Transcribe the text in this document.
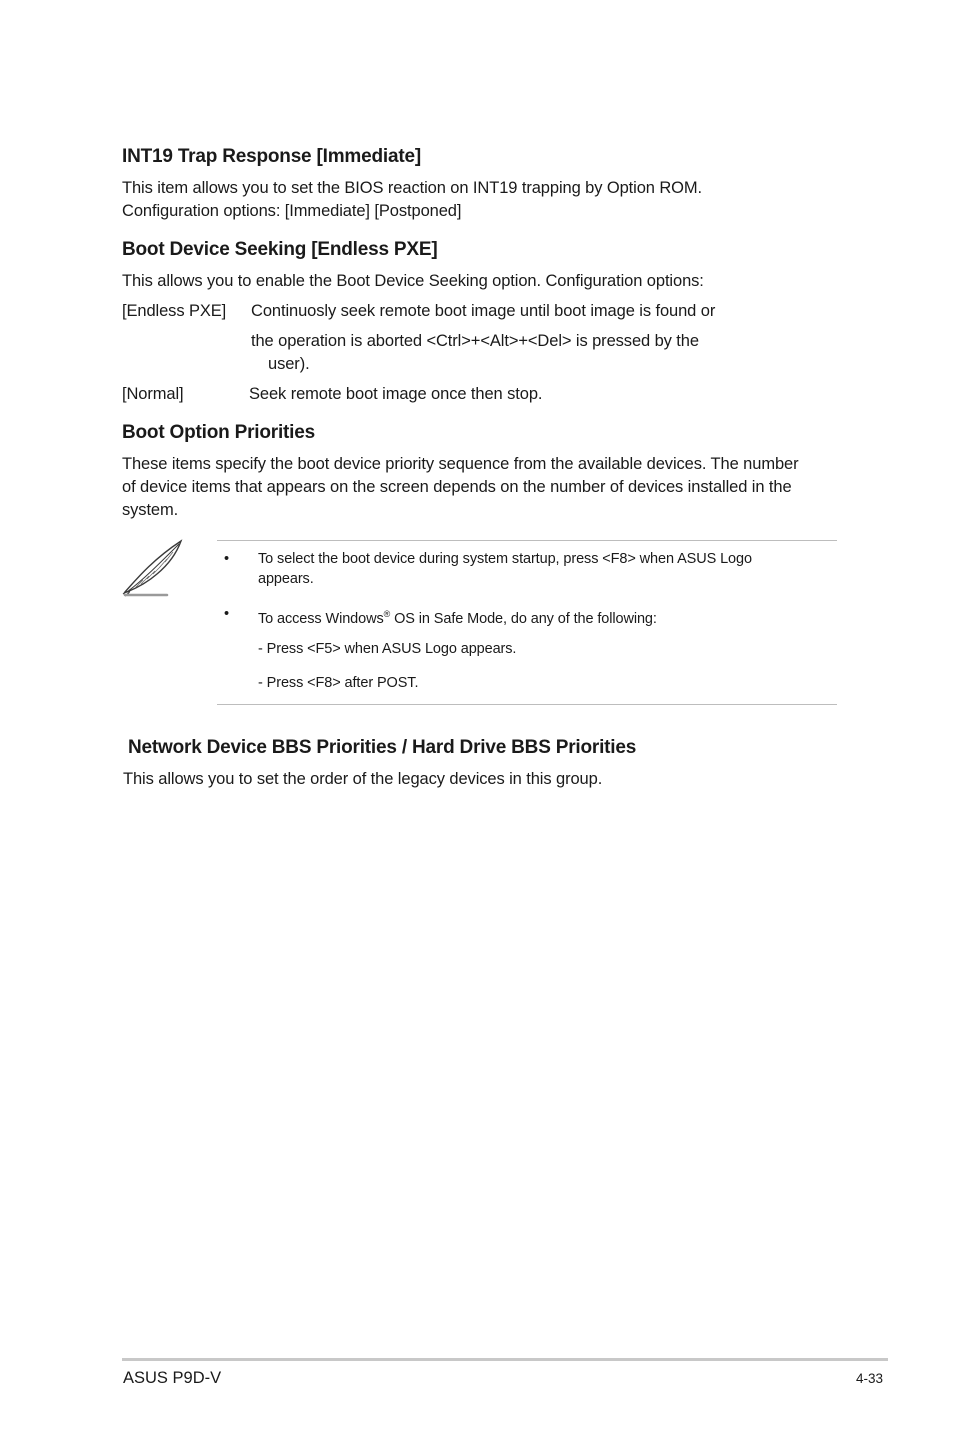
INT19 Trap Response [Immediate]
This item allows you to set the BIOS reaction on INT19 trapping by Option ROM.
Configuration options: [Immediate] [Postponed]
Boot Device Seeking [Endless PXE]
This allows you to enable the Boot Device Seeking option. Configuration options:
[Endless PXE] Continuosly seek remote boot image until boot image is found or
the operation is aborted <Ctrl>+<Alt>+<Del> is pressed by the
user).
[Normal]	Seek remote boot image once then stop.
Boot Option Priorities
These items specify the boot device priority sequence from the available devices. The number
of device items that appears on the screen depends on the number of devices installed in the
system.
• To select the boot device during system startup, press <F8> when ASUS Logo
appears.
• To access Windows® OS in Safe Mode, do any of the following:
- Press <F5> when ASUS Logo appears.
- Press <F8> after POST.
Network Device BBS Priorities / Hard Drive BBS Priorities
This allows you to set the order of the legacy devices in this group.
ASUS P9D-V	4-33
